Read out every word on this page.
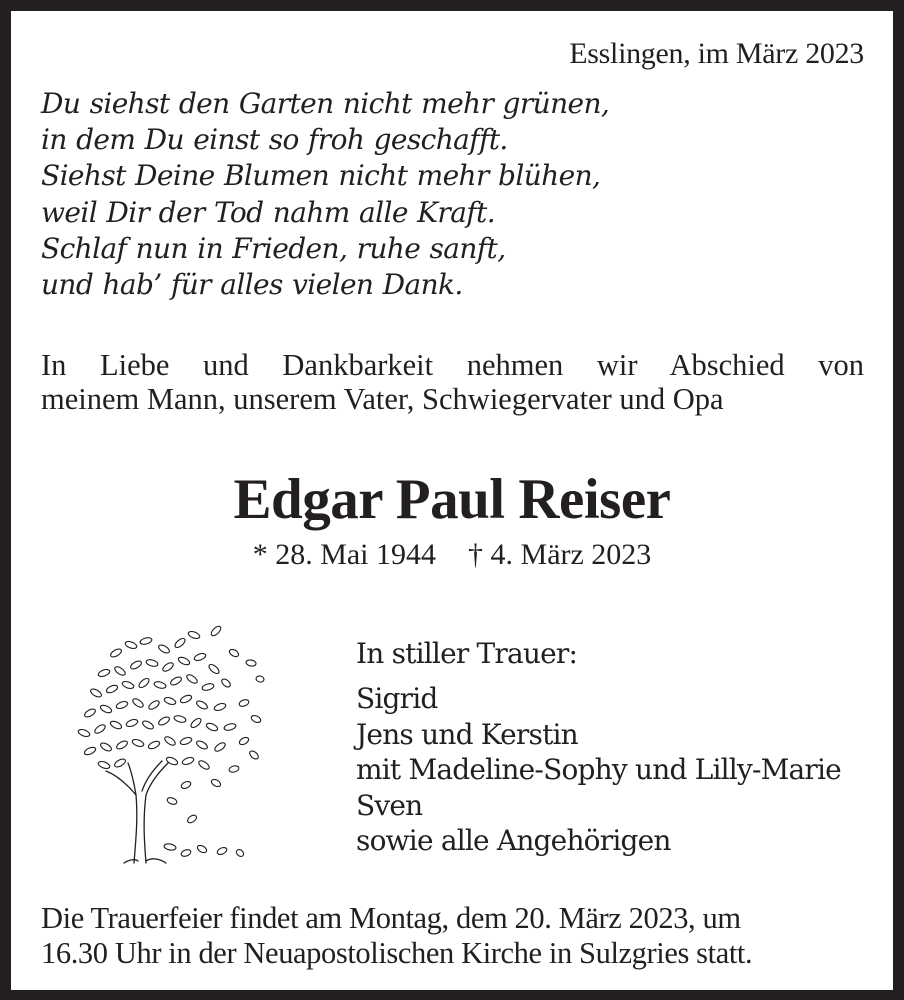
Esslingen, im März 2023
Du siehst den Garten nicht mehr grünen,
in dem Du einst so froh geschafft.
Siehst Deine Blumen nicht mehr blühen,
weil Dir der Tod nahm alle Kraft.
Schlaf nun in Frieden, ruhe sanft,
und hab’ für alles vielen Dank.
In Liebe und Dankbarkeit nehmen wir Abschied von
meinem Mann, unserem Vater, Schwiegervater und Opa
Edgar Paul Reiser
* 28. Mai 1944 † 4. März 2023
In stiller Trauer:
Sigrid
Jens und Kerstin
mit Madeline-Sophy und Lilly-Marie
Sven
sowie alle Angehörigen
Die Trauerfeier findet am Montag, dem 20. März 2023, um
16.30 Uhr in der Neuapostolischen Kirche in Sulzgries statt.
